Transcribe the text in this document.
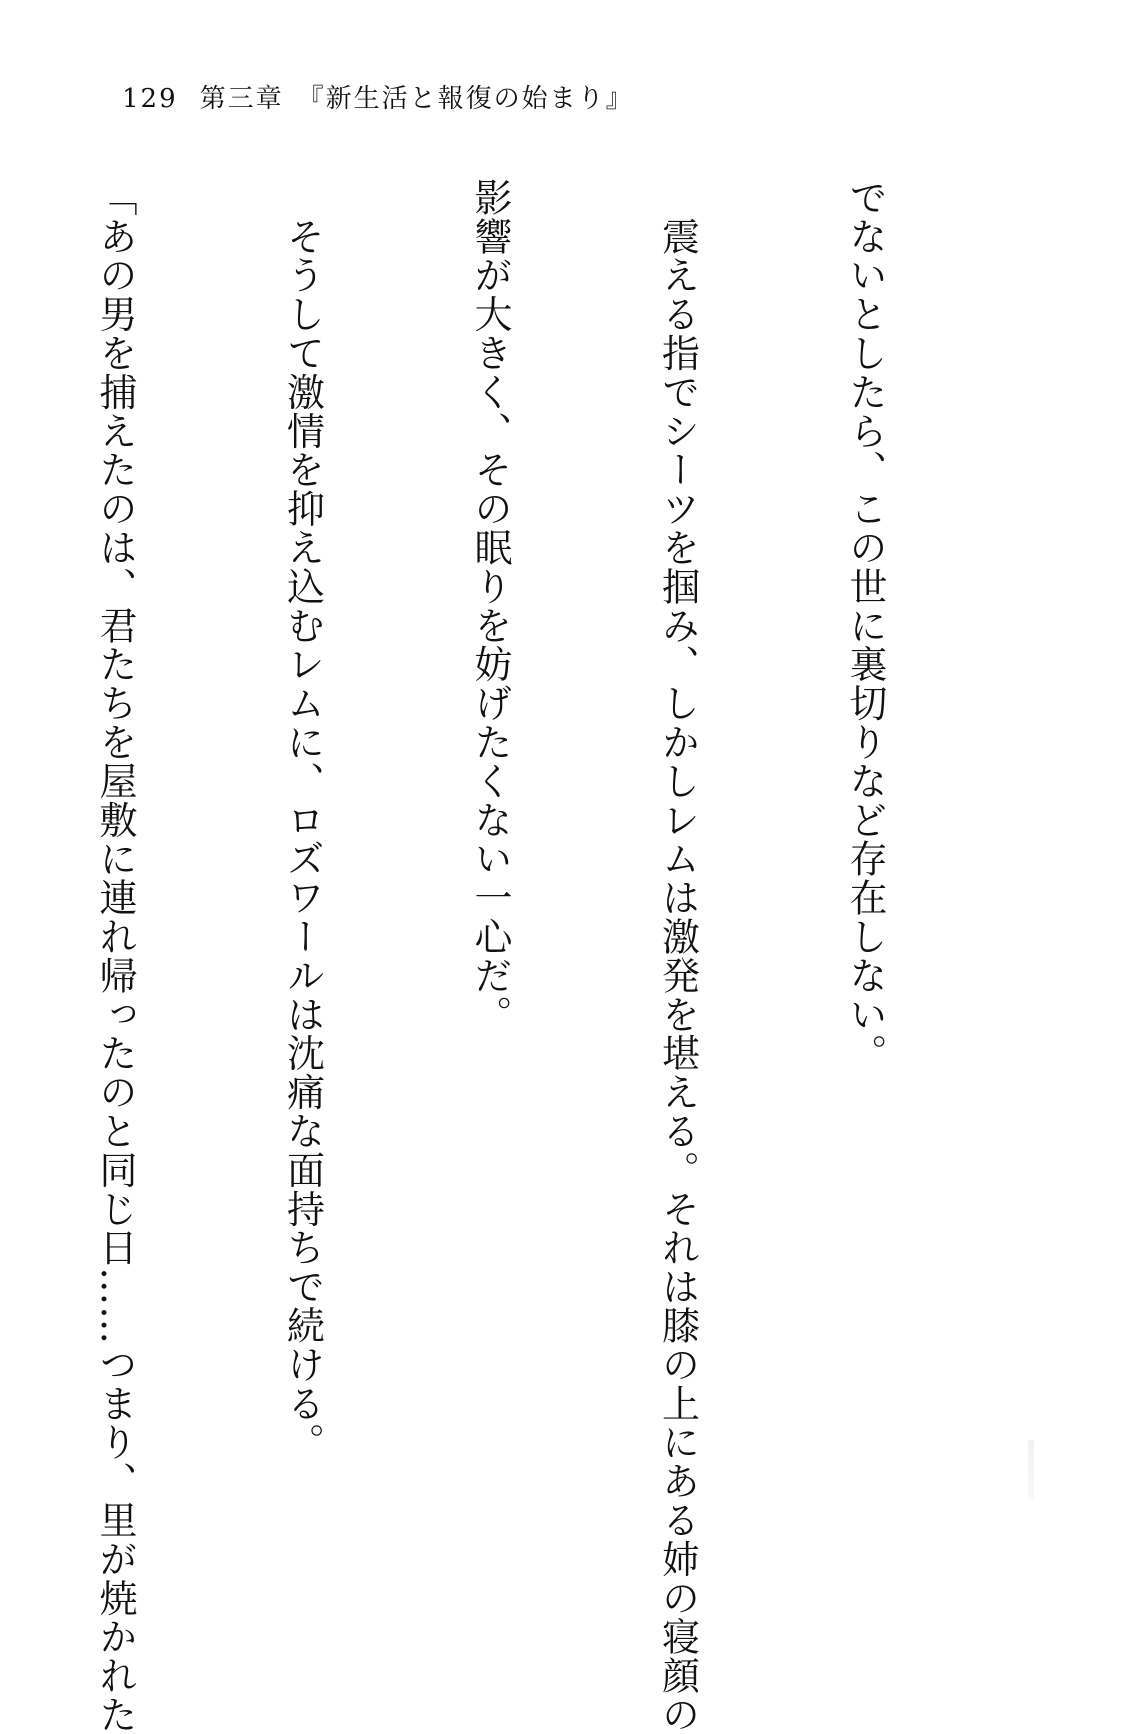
129 第三章 『新生活と報復の始まり』

でないとしたら、この世に裏切りなど存在しない。

　震える指でシーツを掴み、しかしレムは激発を堪える。それは膝の上にある姉の寝顔の

影響が大きく、その眠りを妨げたくない一心だ。

　そうして激情を抑え込むレムに、ロズワールは沈痛な面持ちで続ける。

「あの男を捕えたのは、君たちを屋敷に連れ帰ったのと同じ日……つまり、里が焼かれた
